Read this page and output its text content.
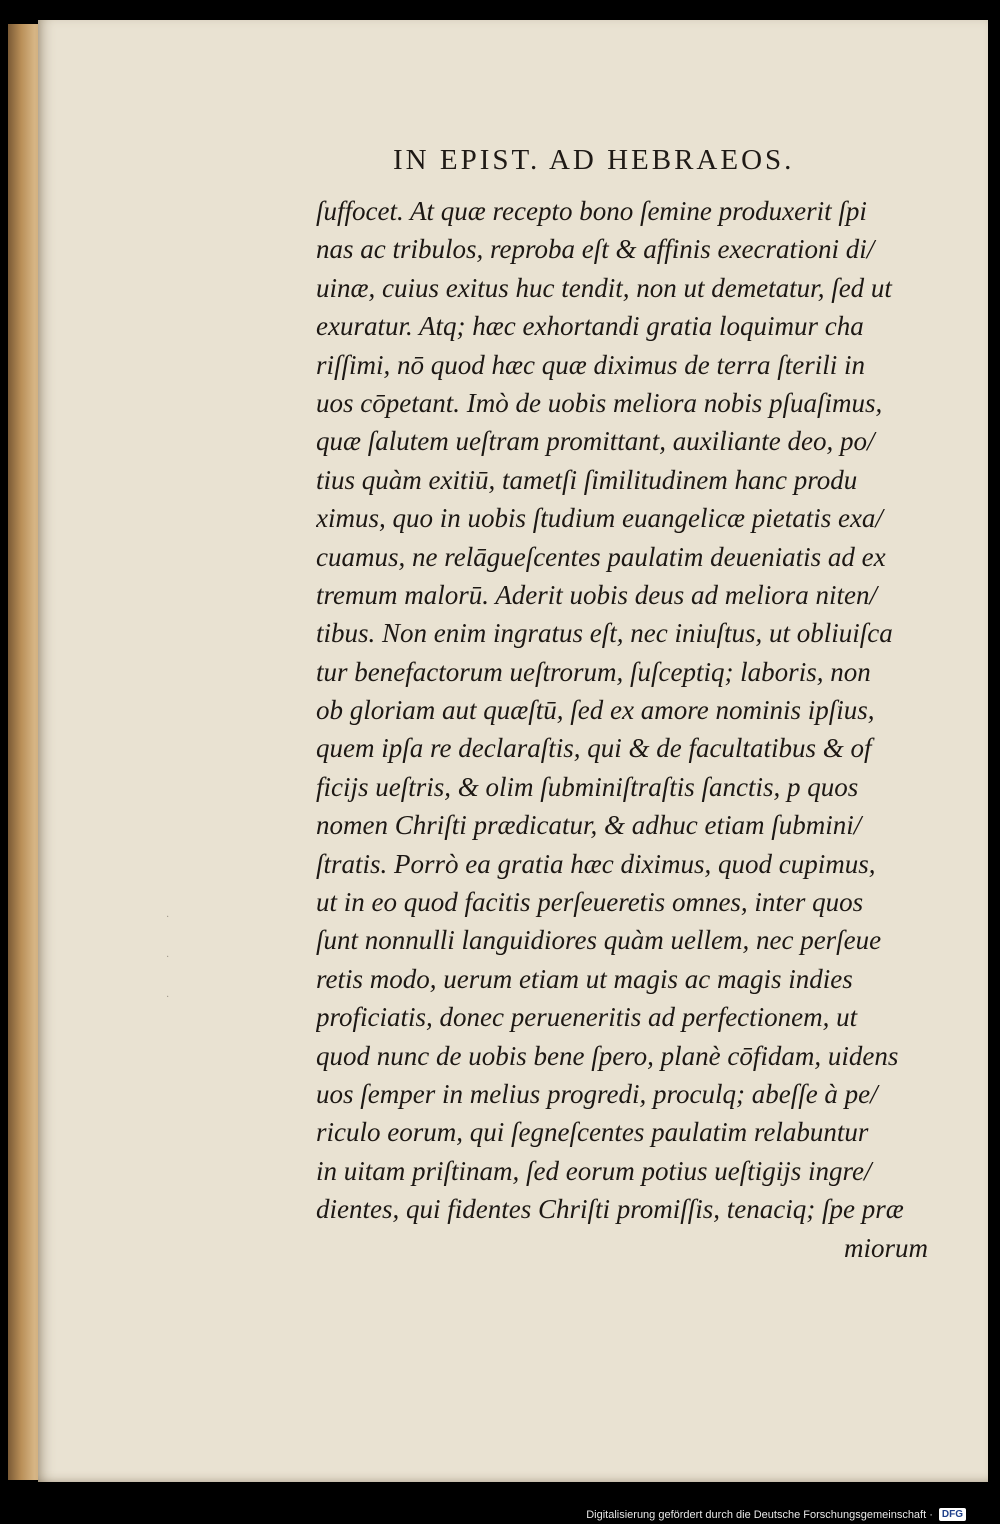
IN EPIST. AD HEBRAEOS.
·
·
·
ſuffocet. At quæ recepto bono ſemine produxerit ſpi
nas ac tribulos, reproba eſt & affinis execrationi di/
uinæ, cuius exitus huc tendit, non ut demetatur, ſed ut
exuratur. Atq; hæc exhortandi gratia loquimur cha
riſſimi, nō quod hæc quæ diximus de terra ſterili in
uos cōpetant. Imò de uobis meliora nobis pſuaſimus,
quæ ſalutem ueſtram promittant, auxiliante deo, po/
tius quàm exitiū, tametſi ſimilitudinem hanc produ
ximus, quo in uobis ſtudium euangelicæ pietatis exa/
cuamus, ne relāgueſcentes paulatim deueniatis ad ex
tremum malorū. Aderit uobis deus ad meliora niten/
tibus. Non enim ingratus eſt, nec iniuſtus, ut obliuiſca
tur benefactorum ueſtrorum, ſuſceptiq; laboris, non
ob gloriam aut quæſtū, ſed ex amore nominis ipſius,
quem ipſa re declaraſtis, qui & de facultatibus & of
ficijs ueſtris, & olim ſubminiſtraſtis ſanctis, p quos
nomen Chriſti prædicatur, & adhuc etiam ſubmini/
ſtratis. Porrò ea gratia hæc diximus, quod cupimus,
ut in eo quod facitis perſeueretis omnes, inter quos
ſunt nonnulli languidiores quàm uellem, nec perſeue
retis modo, uerum etiam ut magis ac magis indies
proficiatis, donec perueneritis ad perfectionem, ut
quod nunc de uobis bene ſpero, planè cōfidam, uidens
uos ſemper in melius progredi, proculq; abeſſe à pe/
riculo eorum, qui ſegneſcentes paulatim relabuntur
in uitam priſtinam, ſed eorum potius ueſtigijs ingre/
dientes, qui fidentes Chriſti promiſſis, tenaciq; ſpe præ
miorum
Digitalisierung gefördert durch die Deutsche Forschungsgemeinschaft · DFG
